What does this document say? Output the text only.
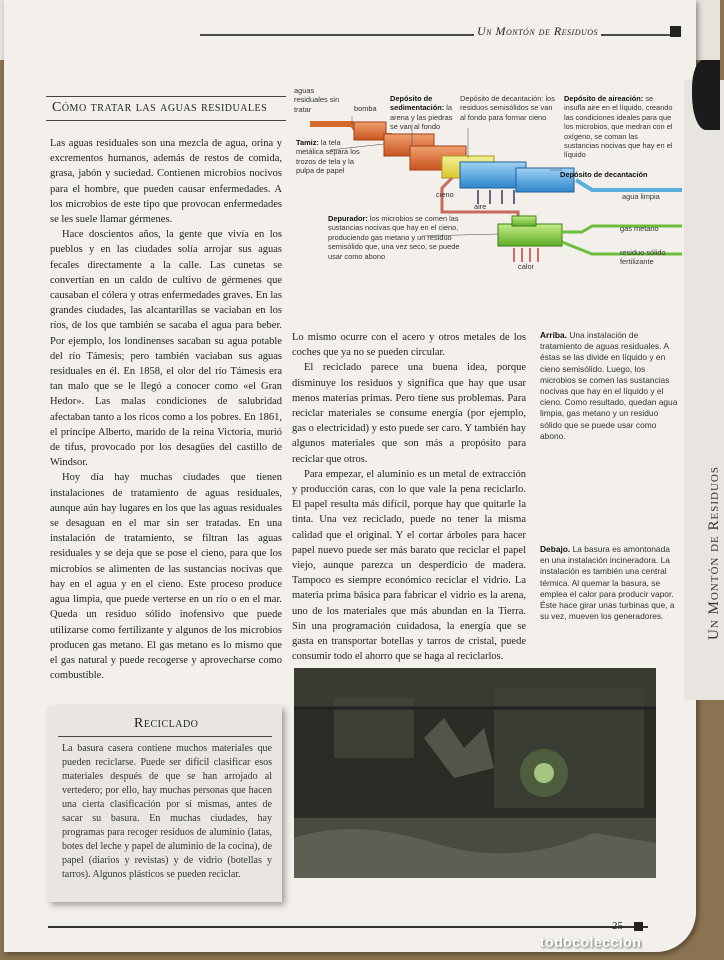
Un Montón de Residuos
Un Montón de Residuos
Cómo tratar las aguas residuales

Las aguas residuales son una mezcla de agua, orina y excrementos humanos, además de restos de comida, grasa, jabón y suciedad. Contienen microbios nocivos para el hombre, que pueden causar enfermedades. A los microbios de este tipo que provocan enfermedades se les suele llamar gérmenes.

Hace doscientos años, la gente que vivía en los pueblos y en las ciudades solía arrojar sus aguas fecales directamente a la calle. Las cunetas se convertían en un caldo de cultivo de gérmenes que causaban el cólera y otras enfermedades graves. En las grandes ciudades, las alcantarillas se vaciaban en los ríos, de los que también se sacaba el agua para beber. Por ejemplo, los londinenses sacaban su agua potable del río Támesis; pero también vaciaban sus aguas residuales en él. En 1858, el olor del río Támesis era tan malo que se le llegó a conocer como «el Gran Hedor». Las malas condiciones de salubridad afectaban tanto a los ricos como a los pobres. En 1861, el príncipe Alberto, marido de la reina Victoria, murió de tifus, provocado por los desagües del castillo de Windsor.

Hoy día hay muchas ciudades que tienen instalaciones de tratamiento de aguas residuales, aunque aún hay lugares en los que las aguas residuales se desaguan en el mar sin ser tratadas. En una instalación de tratamiento, se filtran las aguas residuales y se deja que se pose el cieno, para que los microbios se alimenten de las sustancias nocivas que hay en el agua y en el cieno. Este proceso produce agua limpia, que puede verterse en un río o en el mar. Queda un residuo sólido inofensivo que puede utilizarse como fertilizante y algunos de los microbios producen gas metano. El gas metano es lo mismo que el gas natural y puede recogerse y aprovecharse como combustible.

Reciclado

La basura casera contiene muchos materiales que pueden reciclarse. Puede ser difícil clasificar esos materiales después de que se han arrojado al vertedero; por ello, hay muchas personas que hacen una cierta clasificación por sí mismas, antes de sacar su basura. En muchas ciudades, hay programas para recoger residuos de aluminio (latas, botes del leche y papel de aluminio de la cocina), de papel (diarios y revistas) y de vidrio (botellas y tarros). Algunos plásticos se pueden reciclar.

aguas residuales sin tratar	bomba
Tamiz: la tela metálica separa los trozos de tela y la pulpa de papel
Depósito de sedimentación: la arena y las piedras se van al fondo
Depósito de decantación: los residuos semisólidos se van al fondo para formar cieno
Depósito de aireación: se insufla aire en el líquido, creando las condiciones ideales para que los microbios, que medran con el oxígeno, se coman las sustancias nocivas que hay en el líquido
Depósito de decantación
agua limpia
cieno
aire
gas metano
residuo sólido fertilizante
calor
Depurador: los microbios se comen las sustancias nocivas que hay en el cieno, produciendo gas metano y un residuo semisólido que, una vez seco, se puede usar como abono

Lo mismo ocurre con el acero y otros metales de los coches que ya no se pueden circular.

El reciclado parece una buena idea, porque disminuye los residuos y significa que hay que usar menos materias primas. Pero tiene sus problemas. Para reciclar materiales se consume energía (por ejemplo, gas o electricidad) y esto puede ser caro. Y también hay algunos materiales que son más a propósito para reciclar que otros.

Para empezar, el aluminio es un metal de extracción y producción caras, con lo que vale la pena reciclarlo. El papel resulta más difícil, porque hay que quitarle la tinta. Una vez reciclado, puede no tener la misma calidad que el original. Y el cortar árboles para hacer papel nuevo puede ser más barato que reciclar el papel viejo, aunque parezca un desperdicio de madera. Tampoco es siempre económico reciclar el vidrio. La materia prima básica para fabricar el vidrio es la arena, uno de los materiales que más abundan en la Tierra. Sin una programación cuidadosa, la energía que se gasta en transportar botellas y tarros de cristal, puede consumir todo el ahorro que se haga al reciclarlos.

Arriba. Una instalación de tratamiento de aguas residuales. A éstas se las divide en líquido y en cieno semisólido. Luego, los microbios se comen las sustancias nocivas que hay en el líquido y el cieno. Como resultado, quedan agua limpia, gas metano y un residuo sólido que se puede usar como abono.
Debajo. La basura es amontonada en una instalación incineradora. La instalación es también una central térmica. Al quemar la basura, se emplea el calor para producir vapor. Éste hace girar unas turbinas que, a su vez, mueven los generadores.
25
todocoleccion
